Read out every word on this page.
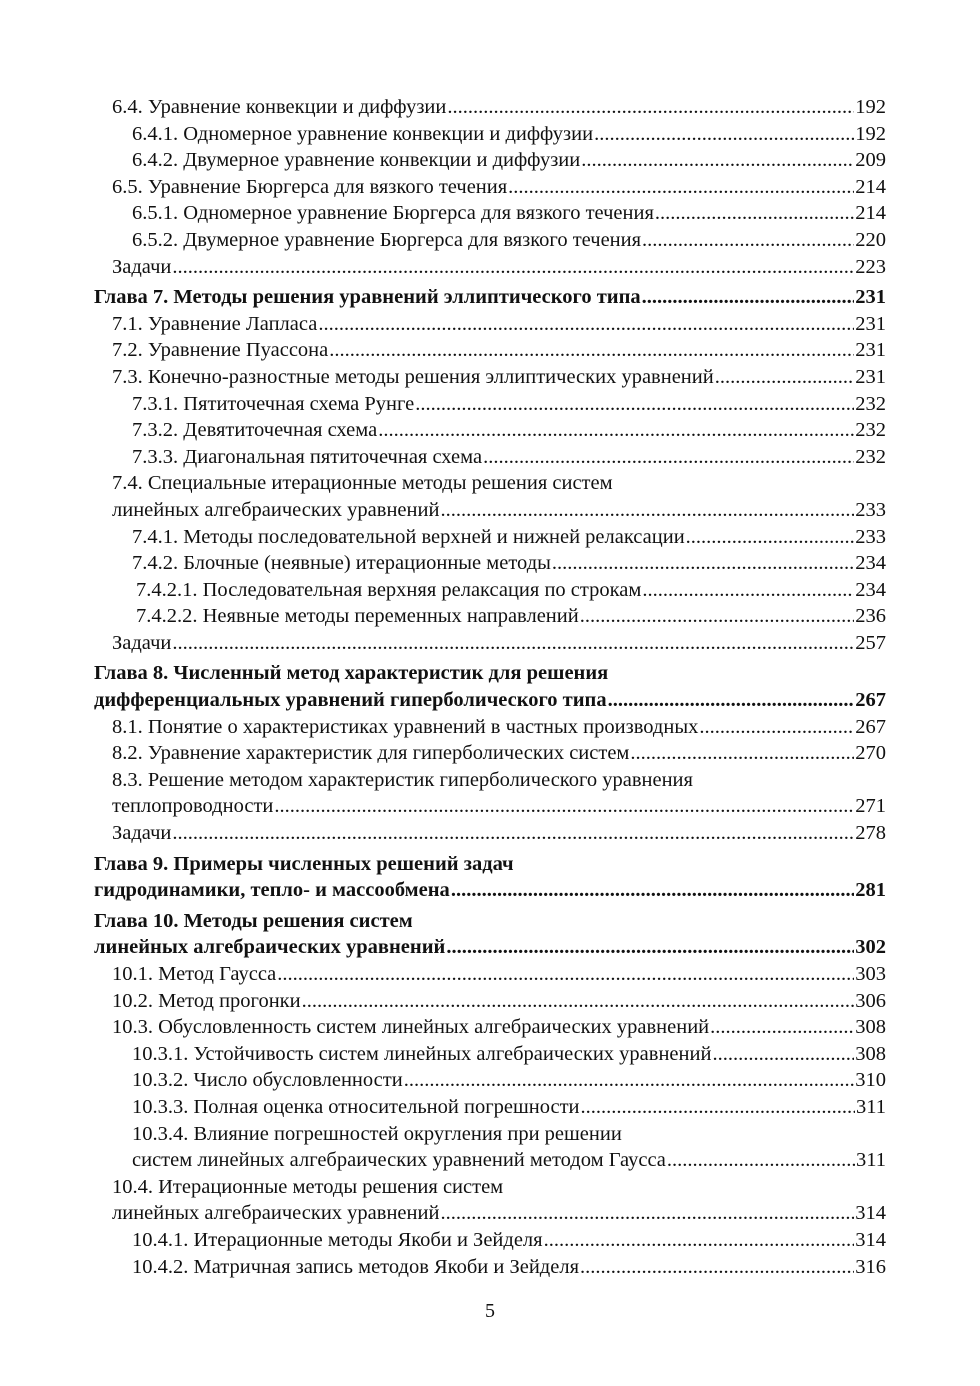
6.4. Уравнение конвекции и диффузии .....	192
6.4.1. Одномерное уравнение конвекции и диффузии .....	192
6.4.2. Двумерное уравнение конвекции и диффузии .....	209
6.5. Уравнение Бюргерса для вязкого течения .....	214
6.5.1. Одномерное уравнение Бюргерса для вязкого течения .....	214
6.5.2. Двумерное уравнение Бюргерса для вязкого течения .....	220
Задачи .....	223
Глава 7. Методы решения уравнений эллиптического типа .....	231
7.1. Уравнение Лапласа .....	231
7.2. Уравнение Пуассона .....	231
7.3. Конечно-разностные методы решения эллиптических уравнений .....	231
7.3.1. Пятиточечная схема Рунге .....	232
7.3.2. Девятиточечная схема .....	232
7.3.3. Диагональная пятиточечная схема .....	232
7.4. Специальные итерационные методы решения систем
линейных алгебраических уравнений .....	233
7.4.1. Методы последовательной верхней и нижней релаксации .....	233
7.4.2. Блочные (неявные) итерационные методы .....	234
7.4.2.1. Последовательная верхняя релаксация по строкам .....	234
7.4.2.2. Неявные методы переменных направлений .....	236
Задачи .....	257
Глава 8. Численный метод характеристик для решения
дифференциальных уравнений гиперболического типа .....	267
8.1. Понятие о характеристиках уравнений в частных производных .....	267
8.2. Уравнение характеристик для гиперболических систем .....	270
8.3. Решение методом характеристик гиперболического уравнения
теплопроводности .....	271
Задачи .....	278
Глава 9. Примеры численных решений задач
гидродинамики, тепло- и массообмена .....	281
Глава 10. Методы решения систем
линейных алгебраических уравнений .....	302
10.1. Метод Гаусса .....	303
10.2. Метод прогонки .....	306
10.3. Обусловленность систем линейных алгебраических уравнений .....	308
10.3.1. Устойчивость систем линейных алгебраических уравнений .....	308
10.3.2. Число обусловленности .....	310
10.3.3. Полная оценка относительной погрешности .....	311
10.3.4. Влияние погрешностей округления при решении
систем линейных алгебраических уравнений методом Гаусса .....	311
10.4. Итерационные методы решения систем
линейных алгебраических уравнений .....	314
10.4.1. Итерационные методы Якоби и Зейделя .....	314
10.4.2. Матричная запись методов Якоби и Зейделя .....	316
5
